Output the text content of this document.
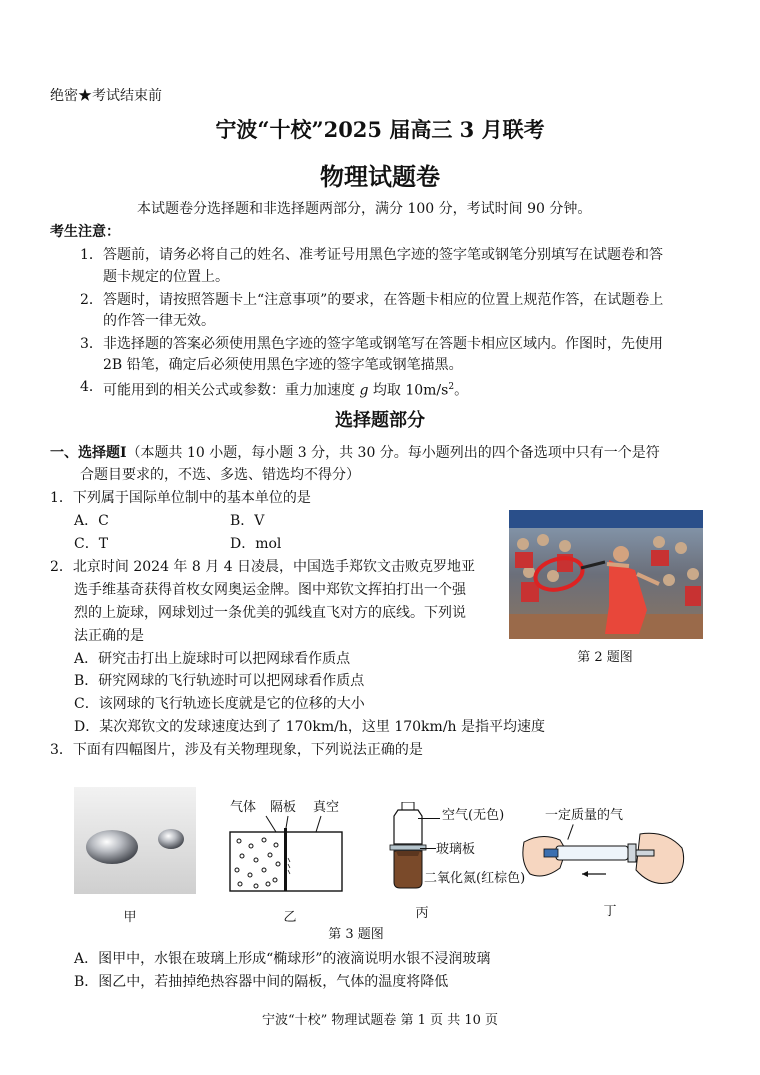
绝密★考试结束前
宁波“十校”2025 届高三 3 月联考
物理试题卷
本试题卷分选择题和非选择题两部分，满分 100 分，考试时间 90 分钟。
考生注意：
1． 答题前，请务必将自己的姓名、准考证号用黑色字迹的签字笔或钢笔分别填写在试题卷和答
题卡规定的位置上。
2． 答题时，请按照答题卡上“注意事项”的要求，在答题卡相应的位置上规范作答，在试题卷上
的作答一律无效。
3． 非选择题的答案必须使用黑色字迹的签字笔或钢笔写在答题卡相应区域内。作图时，先使用
2B 铅笔，确定后必须使用黑色字迹的签字笔或钢笔描黑。
4． 可能用到的相关公式或参数：重力加速度 g 均取 $10m/s^2$。
选择题部分
一、选择题Ⅰ（本题共 10 小题，每小题 3 分，共 30 分。每小题列出的四个备选项中只有一个是符
合题目要求的，不选、多选、错选均不得分）
1．下列属于国际单位制中的基本单位的是
A．C	B．V
C．T	D．mol
2．北京时间 2024 年 8 月 4 日凌晨，中国选手郑钦文击败克罗地亚
选手维基奇获得首枚女网奥运金牌。图中郑钦文挥拍打出一个强
烈的上旋球，网球划过一条优美的弧线直飞对方的底线。下列说
法正确的是
A．研究击打出上旋球时可以把网球看作质点
B．研究网球的飞行轨迹时可以把网球看作质点
C．该网球的飞行轨迹长度就是它的位移的大小
D．某次郑钦文的发球速度达到了 170km/h，这里 170km/h 是指平均速度
第 2 题图
3．下面有四幅图片，涉及有关物理现象，下列说法正确的是
气体 隔板 真空
空气(无色)
玻璃板
二氧化氮(红棕色)
一定质量的气
甲	乙	丙	丁
第 3 题图
A．图甲中，水银在玻璃上形成“椭球形”的液滴说明水银不浸润玻璃
B．图乙中，若抽掉绝热容器中间的隔板，气体的温度将降低
宁波“十校” 物理试题卷 第 1 页 共 10 页
